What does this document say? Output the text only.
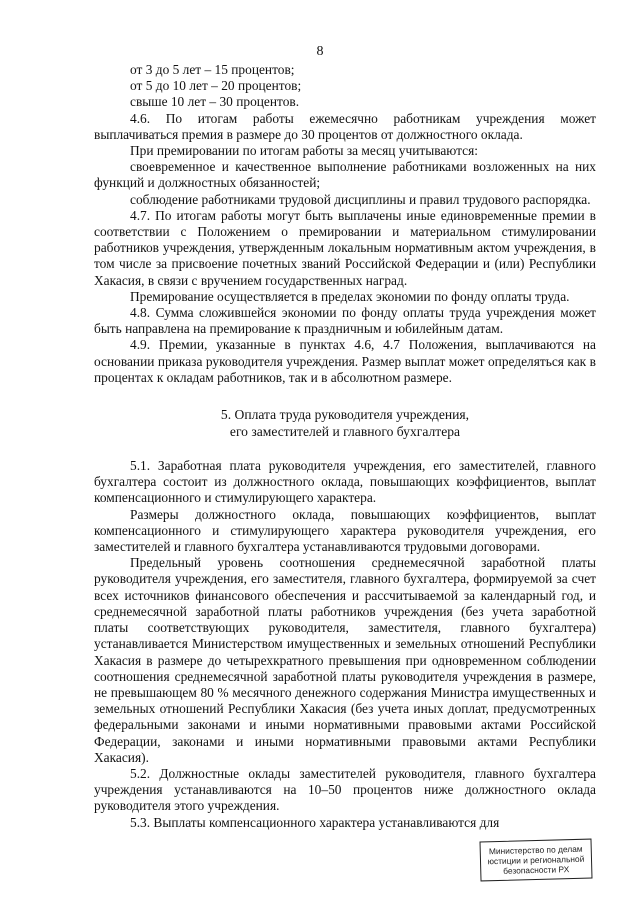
8

от 3 до 5 лет – 15 процентов;

от 5 до 10 лет – 20 процентов;

свыше 10 лет – 30 процентов.

4.6. По итогам работы ежемесячно работникам учреждения может выплачиваться премия в размере до 30 процентов от должностного оклада.

При премировании по итогам работы за месяц учитываются:

своевременное и качественное выполнение работниками возложенных на них функций и должностных обязанностей;

соблюдение работниками трудовой дисциплины и правил трудового распорядка.

4.7. По итогам работы могут быть выплачены иные единовременные премии в соответствии с Положением о премировании и материальном стимулировании работников учреждения, утвержденным локальным нормативным актом учреждения, в том числе за присвоение почетных званий Российской Федерации и (или) Республики Хакасия, в связи с вручением государственных наград.

Премирование осуществляется в пределах экономии по фонду оплаты труда.

4.8. Сумма сложившейся экономии по фонду оплаты труда учреждения может быть направлена на премирование к праздничным и юбилейным датам.

4.9. Премии, указанные в пунктах 4.6, 4.7 Положения, выплачиваются на основании приказа руководителя учреждения. Размер выплат может определяться как в процентах к окладам работников, так и в абсолютном размере.

5. Оплата труда руководителя учреждения,
его заместителей и главного бухгалтера

5.1. Заработная плата руководителя учреждения, его заместителей, главного бухгалтера состоит из должностного оклада, повышающих коэффициентов, выплат компенсационного и стимулирующего характера.

Размеры должностного оклада, повышающих коэффициентов, выплат компенсационного и стимулирующего характера руководителя учреждения, его заместителей и главного бухгалтера устанавливаются трудовыми договорами.

Предельный уровень соотношения среднемесячной заработной платы руководителя учреждения, его заместителя, главного бухгалтера, формируемой за счет всех источников финансового обеспечения и рассчитываемой за календарный год, и среднемесячной заработной платы работников учреждения (без учета заработной платы соответствующих руководителя, заместителя, главного бухгалтера) устанавливается Министерством имущественных и земельных отношений Республики Хакасия в размере до четырехкратного превышения при одновременном соблюдении соотношения среднемесячной заработной платы руководителя учреждения в размере, не превышающем 80 % месячного денежного содержания Министра имущественных и земельных отношений Республики Хакасия (без учета иных доплат, предусмотренных федеральными законами и иными нормативными правовыми актами Российской Федерации, законами и иными нормативными правовыми актами Республики Хакасия).

5.2. Должностные оклады заместителей руководителя, главного бухгалтера учреждения устанавливаются на 10–50 процентов ниже должностного оклада руководителя этого учреждения.

5.3. Выплаты компенсационного характера устанавливаются для

Министерство по делам
юстиции и региональной
безопасности РХ
